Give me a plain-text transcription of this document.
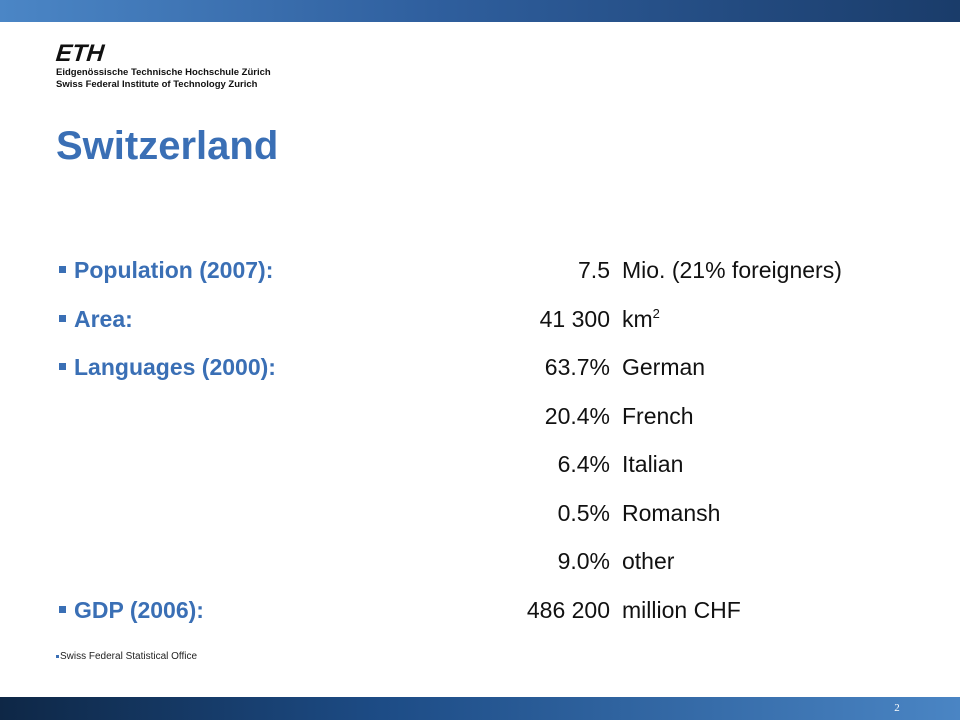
ETH
Eidgenössische Technische Hochschule Zürich
Swiss Federal Institute of Technology Zurich
Switzerland
Population (2007):	7.5 Mio. (21% foreigners)
Area:	41 300 $km^2$
Languages (2000):	63.7% German
20.4% French
6.4% Italian
0.5% Romansh
9.0% other
GDP (2006):	486 200 million CHF
Swiss Federal Statistical Office
2
